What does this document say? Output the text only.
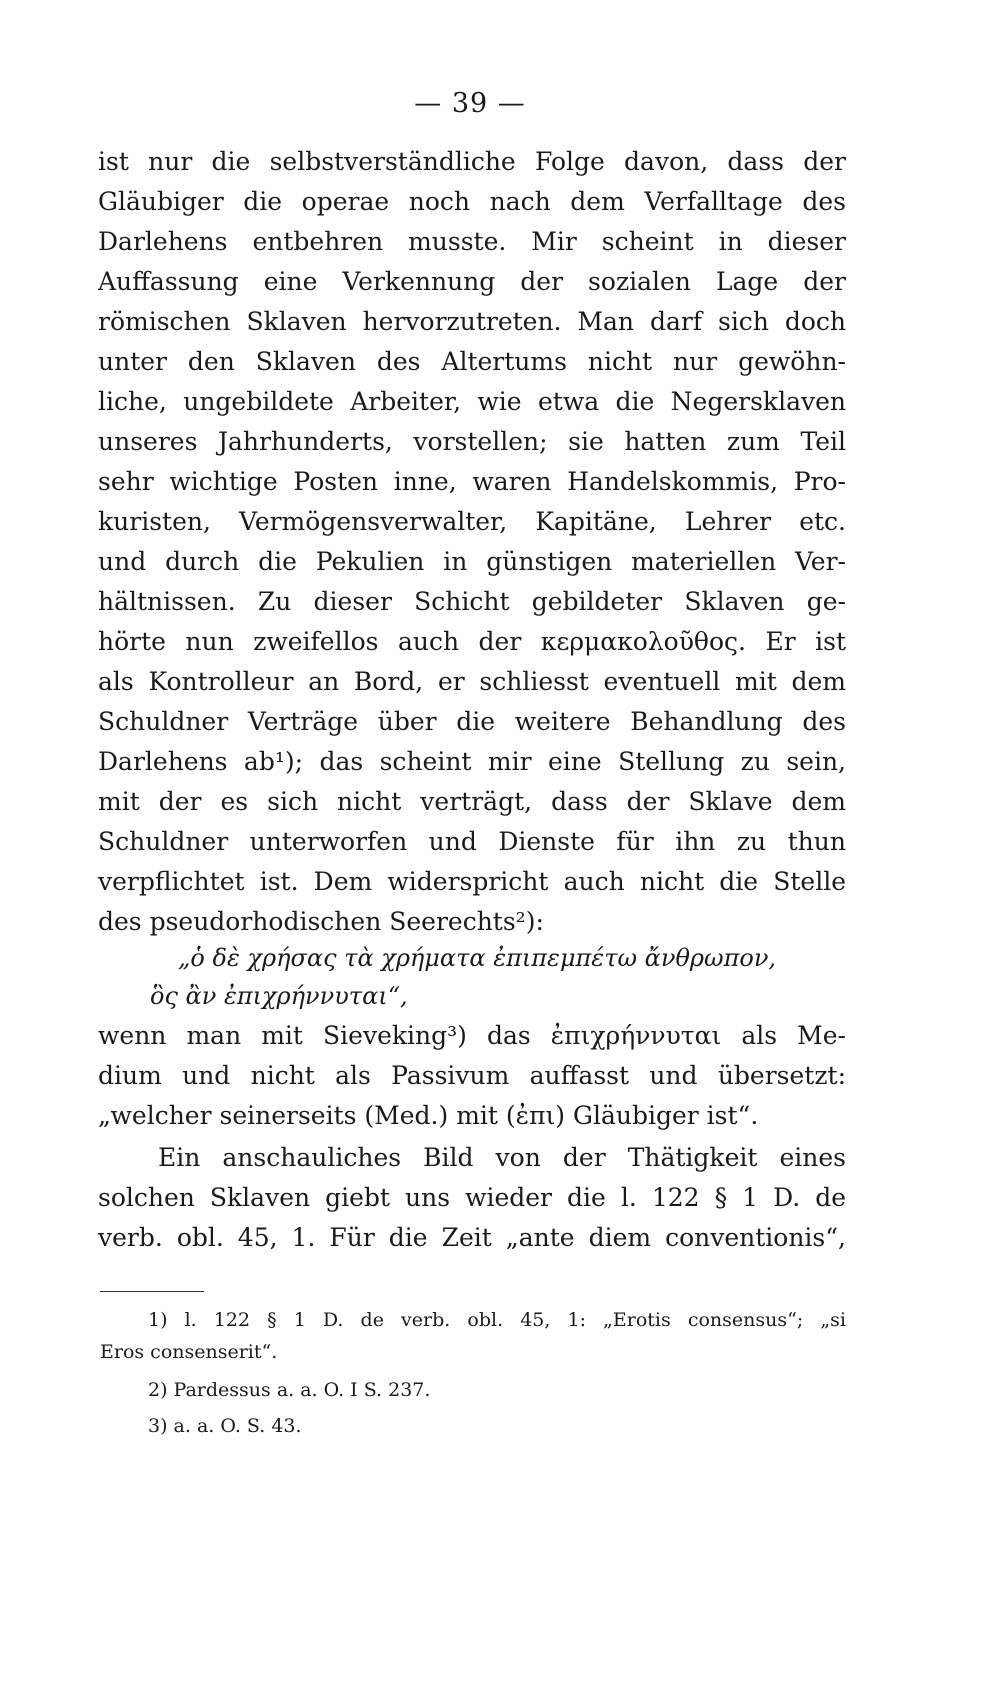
— 39 —
ist nur die selbstverständliche Folge davon, dass der
Gläubiger die operae noch nach dem Verfalltage des
Darlehens entbehren musste. Mir scheint in dieser
Auffassung eine Verkennung der sozialen Lage der
römischen Sklaven hervorzutreten. Man darf sich doch
unter den Sklaven des Altertums nicht nur gewöhn-
liche, ungebildete Arbeiter, wie etwa die Negersklaven
unseres Jahrhunderts, vorstellen; sie hatten zum Teil
sehr wichtige Posten inne, waren Handelskommis, Pro-
kuristen, Vermögensverwalter, Kapitäne, Lehrer etc.
und durch die Pekulien in günstigen materiellen Ver-
hältnissen. Zu dieser Schicht gebildeter Sklaven ge-
hörte nun zweifellos auch der κερμακολοῦθος. Er ist
als Kontrolleur an Bord, er schliesst eventuell mit dem
Schuldner Verträge über die weitere Behandlung des
Darlehens ab¹); das scheint mir eine Stellung zu sein,
mit der es sich nicht verträgt, dass der Sklave dem
Schuldner unterworfen und Dienste für ihn zu thun
verpflichtet ist. Dem widerspricht auch nicht die Stelle
des pseudorhodischen Seerechts²):
„ὁ δὲ χρήσας τὰ χρήματα ἐπιπεμπέτω ἄνθρωπον,
ὃς ἂν ἐπιχρήννυται“,
wenn man mit Sieveking³) das ἐπιχρήννυται als Me-
dium und nicht als Passivum auffasst und übersetzt:
„welcher seinerseits (Med.) mit (ἐπι) Gläubiger ist“.
Ein anschauliches Bild von der Thätigkeit eines
solchen Sklaven giebt uns wieder die l. 122 § 1 D. de
verb. obl. 45, 1. Für die Zeit „ante diem conventionis“,
1) l. 122 § 1 D. de verb. obl. 45, 1: „Erotis consensus“; „si
Eros consenserit“.
2) Pardessus a. a. O. I S. 237.
3) a. a. O. S. 43.
